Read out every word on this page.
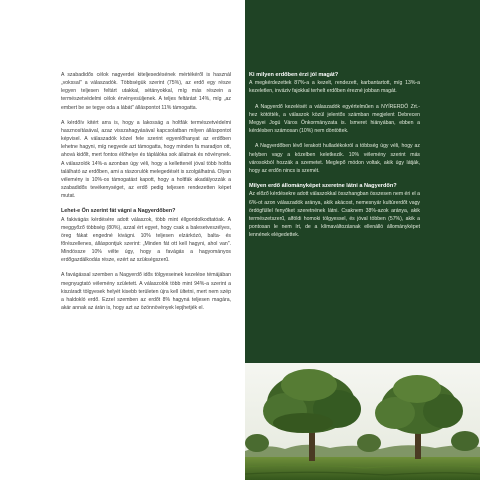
A szabadidős célok nagyerdei kiteljesedésének mértékéről is használ „vokssal" a válaszadók. Többségük szerint (75%), az erdő egy része legyen teljesen feltárt utakkal, sétányokkal, míg más részein a természetvédelmi célok érvényesüljenek. A teljes feltárást 14%, míg „az embert be se tegye oda a lábát" álláspontot 11% támogatta.

A kérdőív kitért arra is, hogy a lakosság a holtfák természetvédelmi hasznosításával, azaz visszahagyásával kapcsolatban milyen álláspontot képvisel. A válaszadók közel fele szerint egyenlőhanyat az erdőben lehetne hagyni, míg negyede azt támogatta, hogy minden fa maradjon ott, ahová kidőlt, mert fontos élőhelye és táplálóka sok állatnak és növénynek. A válaszolók 14%-a azonban úgy véli, hogy a kellettenél jóval több holtfa található az erdőben, ami a rászorulók melegedését is szolgálhatná. Olyan vélemény is 10%-os támogatást kapott, hogy a holtfák akadályozzák a szabadidős tevékenységet, az erdő pedig teljesen rendezetten képet mutat.

Lehet-e Ön szerint fát vágni a Nagyerdőben?

A fakivágás kérdésére adott válaszok, több mint éllgoridolkodtatóak. A meggyőző többség (80%), azzal ért egyet, hogy csak a balesetveszélyes, öreg fákat engedné kivágni. 10% teljesen elzárkózó, balta- és főrészellenes, álláspontjuk szerint: „Minden fát ott kell hagyni, ahol van". Mindössze 10% vélte úgy, hogy a favágás a hagyományos erdőgazdálkodás része, ezért az szükségszerű.

A favágással szemben a Nagyerdő idős tölgyeseinek kezelése témájában megnyugtató vélemény született. A válaszolók több mint 94%-a szerint a kiszáradt tölgyesek helyét kisebb területen újra kell ültetni, mert nem szép a haldokló erdő. Ezzel szemben az erdőt 8% hagyná teljesen magára, akár annak az árán is, hogy azt az özönnövények lepjhetjék el.

Ki milyen erdőben érzi jól magát?

A megkérdezettek 87%-a a kezelt, rendezett, karbantartott, míg 13%-a kezeletlen, inváziv fajokkal terhelt erdőben érezné jobban magát.

A Nagyerdő kezelését a válaszadók egyértelműen a NYÍRERDŐ Zrt.-hez kötötték, a válaszok közül jelentős számban megjelent Debrecen Megyei Jogú Város Önkormányzata is. Ismeret hiányában, ebben a kérdésben számosan (10%) nem döntöttek.

A Nagyerdőben lévő lerakott hulladékokról a többség úgy véli, hogy az helyben vagy a közelben keletkezik. 10% vélemény szerint más városokból hozzák a szemetet. Meglepő módon voltak, akik úgy látják, hogy az erdőn nincs is szemét.

Milyen erdő állományképet szeretne látni a Nagyerdőn?

Az előző kérdésekre adott válaszokkal összhangban összesen nem éri el a 6%-ot azon válaszadók aránya, akik akácost, nemesnyár kultúrerdőt vagy ördögfüllel fenyőket szeretnének látni. Csaknem 38%-azok aránya, akik természetszerű, alföldi homoki tölgyessel, és jóval többen (57%), akik a pontosan le nem írt, de a klímaváltozásnak ellenálló állományképet lennének elégedettek.
